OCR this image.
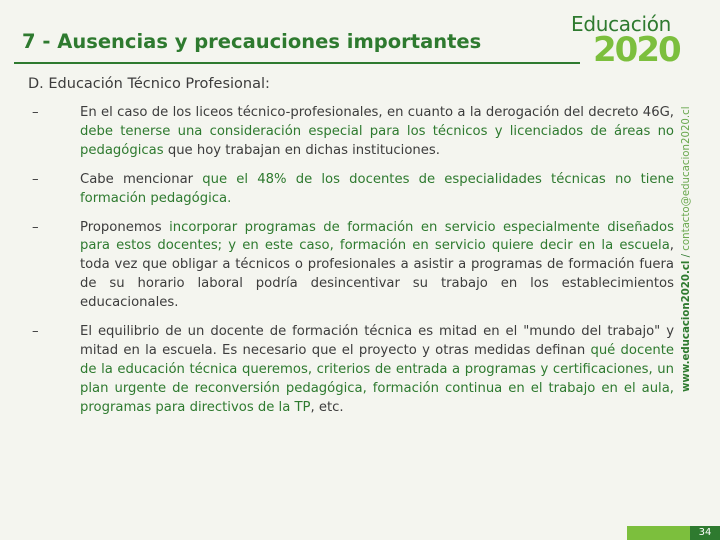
7 - Ausencias y precauciones importantes
Educación
2020
www.educacion2020.cl / contacto@educacion2020.cl
D. Educación Técnico Profesional:
–	En el caso de los liceos técnico-profesionales, en cuanto a la derogación del decreto 46G, debe tenerse una consideración especial para los técnicos y licenciados de áreas no pedagógicas que hoy trabajan en dichas instituciones.
–	Cabe mencionar que el 48% de los docentes de especialidades técnicas no tiene formación pedagógica.
–	Proponemos incorporar programas de formación en servicio especialmente diseñados para estos docentes; y en este caso, formación en servicio quiere decir en la escuela, toda vez que obligar a técnicos o profesionales a asistir a programas de formación fuera de su horario laboral podría desincentivar su trabajo en los establecimientos educacionales.
–	El equilibrio de un docente de formación técnica es mitad en el "mundo del trabajo" y mitad en la escuela. Es necesario que el proyecto y otras medidas definan qué docente de la educación técnica queremos, criterios de entrada a programas y certificaciones, un plan urgente de reconversión pedagógica, formación continua en el trabajo en el aula, programas para directivos de la TP, etc.
34
